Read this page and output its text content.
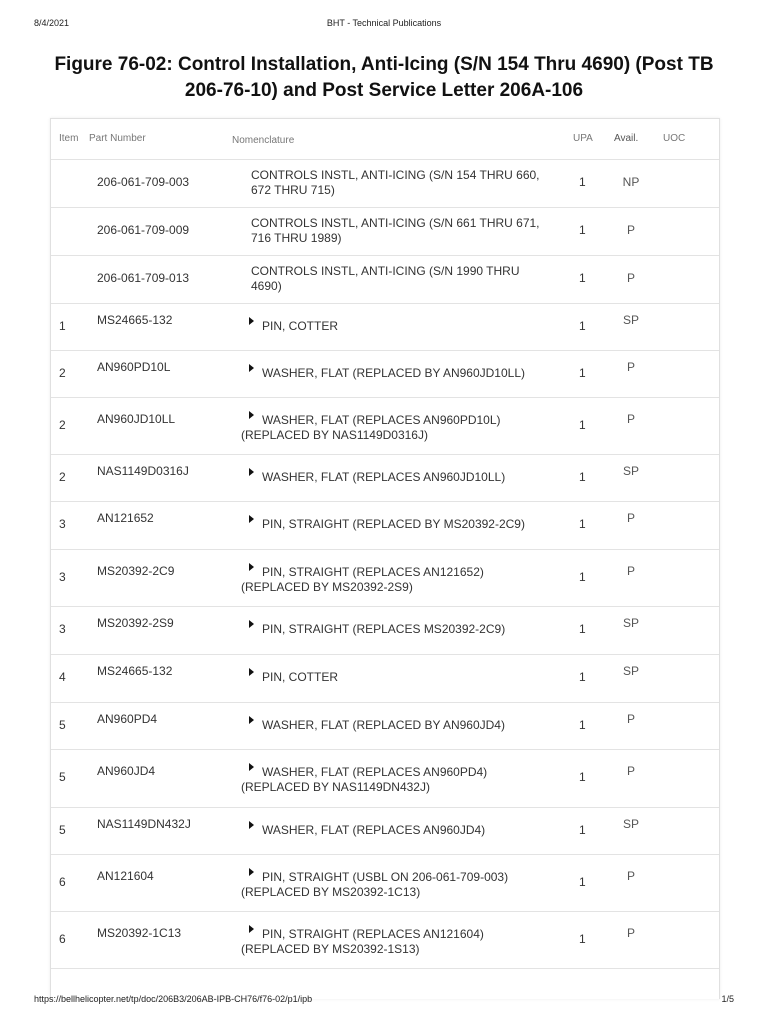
8/4/2021	BHT - Technical Publications
Figure 76-02: Control Installation, Anti-Icing (S/N 154 Thru 4690) (Post TB 206-76-10) and Post Service Letter 206A-106
Item Part Number	Nomenclature	UPA Avail. UOC
206-061-709-003	CONTROLS INSTL, ANTI-ICING (S/N 154 THRU 660,
672 THRU 715)
1	NP
206-061-709-009	CONTROLS INSTL, ANTI-ICING (S/N 661 THRU 671,
716 THRU 1989)
1	P
206-061-709-013	CONTROLS INSTL, ANTI-ICING (S/N 1990 THRU
4690)
1	P
1	MS24665-132	PIN, COTTER	1	SP
2	AN960PD10L	WASHER, FLAT (REPLACED BY AN960JD10LL)	1	P
2	AN960JD10LL	WASHER, FLAT (REPLACES AN960PD10L)
(REPLACED BY NAS1149D0316J)
1	P
2	NAS1149D0316J	WASHER, FLAT (REPLACES AN960JD10LL)	1	SP
3	AN121652	PIN, STRAIGHT (REPLACED BY MS20392-2C9)	1	P
3	MS20392-2C9	PIN, STRAIGHT (REPLACES AN121652)
(REPLACED BY MS20392-2S9)
1	P
3	MS20392-2S9	PIN, STRAIGHT (REPLACES MS20392-2C9)	1	SP
4	MS24665-132	PIN, COTTER	1	SP
5	AN960PD4	WASHER, FLAT (REPLACED BY AN960JD4)	1	P
5	AN960JD4	WASHER, FLAT (REPLACES AN960PD4)
(REPLACED BY NAS1149DN432J)
1	P
5	NAS1149DN432J	WASHER, FLAT (REPLACES AN960JD4)	1	SP
6	AN121604	PIN, STRAIGHT (USBL ON 206-061-709-003)
(REPLACED BY MS20392-1C13)
1	P
6	MS20392-1C13	PIN, STRAIGHT (REPLACES AN121604)
(REPLACED BY MS20392-1S13)
1	P
https://bellhelicopter.net/tp/doc/206B3/206AB-IPB-CH76/f76-02/p1/ipb	1/5
